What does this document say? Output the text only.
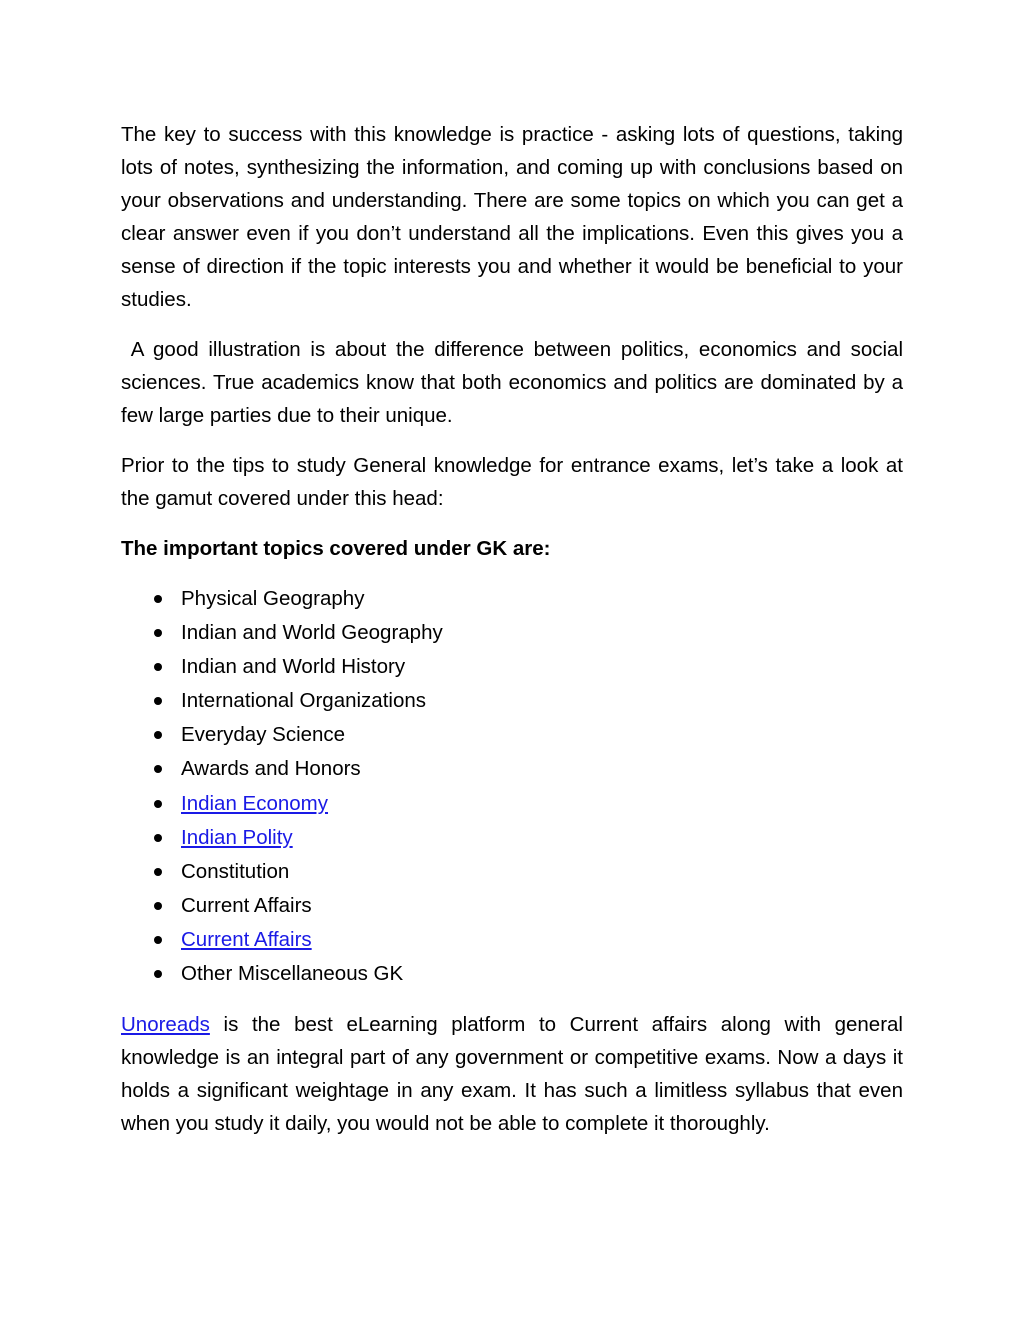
The key to success with this knowledge is practice - asking lots of questions, taking lots of notes, synthesizing the information, and coming up with conclusions based on your observations and understanding. There are some topics on which you can get a clear answer even if you don’t understand all the implications. Even this gives you a sense of direction if the topic interests you and whether it would be beneficial to your studies.

A good illustration is about the difference between politics, economics and social sciences. True academics know that both economics and politics are dominated by a few large parties due to their unique.

Prior to the tips to study General knowledge for entrance exams, let’s take a look at the gamut covered under this head:

The important topics covered under GK are:

Physical Geography
Indian and World Geography
Indian and World History
International Organizations
Everyday Science
Awards and Honors
Indian Economy
Indian Polity
Constitution
Current Affairs
Current Affairs
Other Miscellaneous GK

Unoreads is the best eLearning platform to Current affairs along with general knowledge is an integral part of any government or competitive exams. Now a days it holds a significant weightage in any exam. It has such a limitless syllabus that even when you study it daily, you would not be able to complete it thoroughly.
